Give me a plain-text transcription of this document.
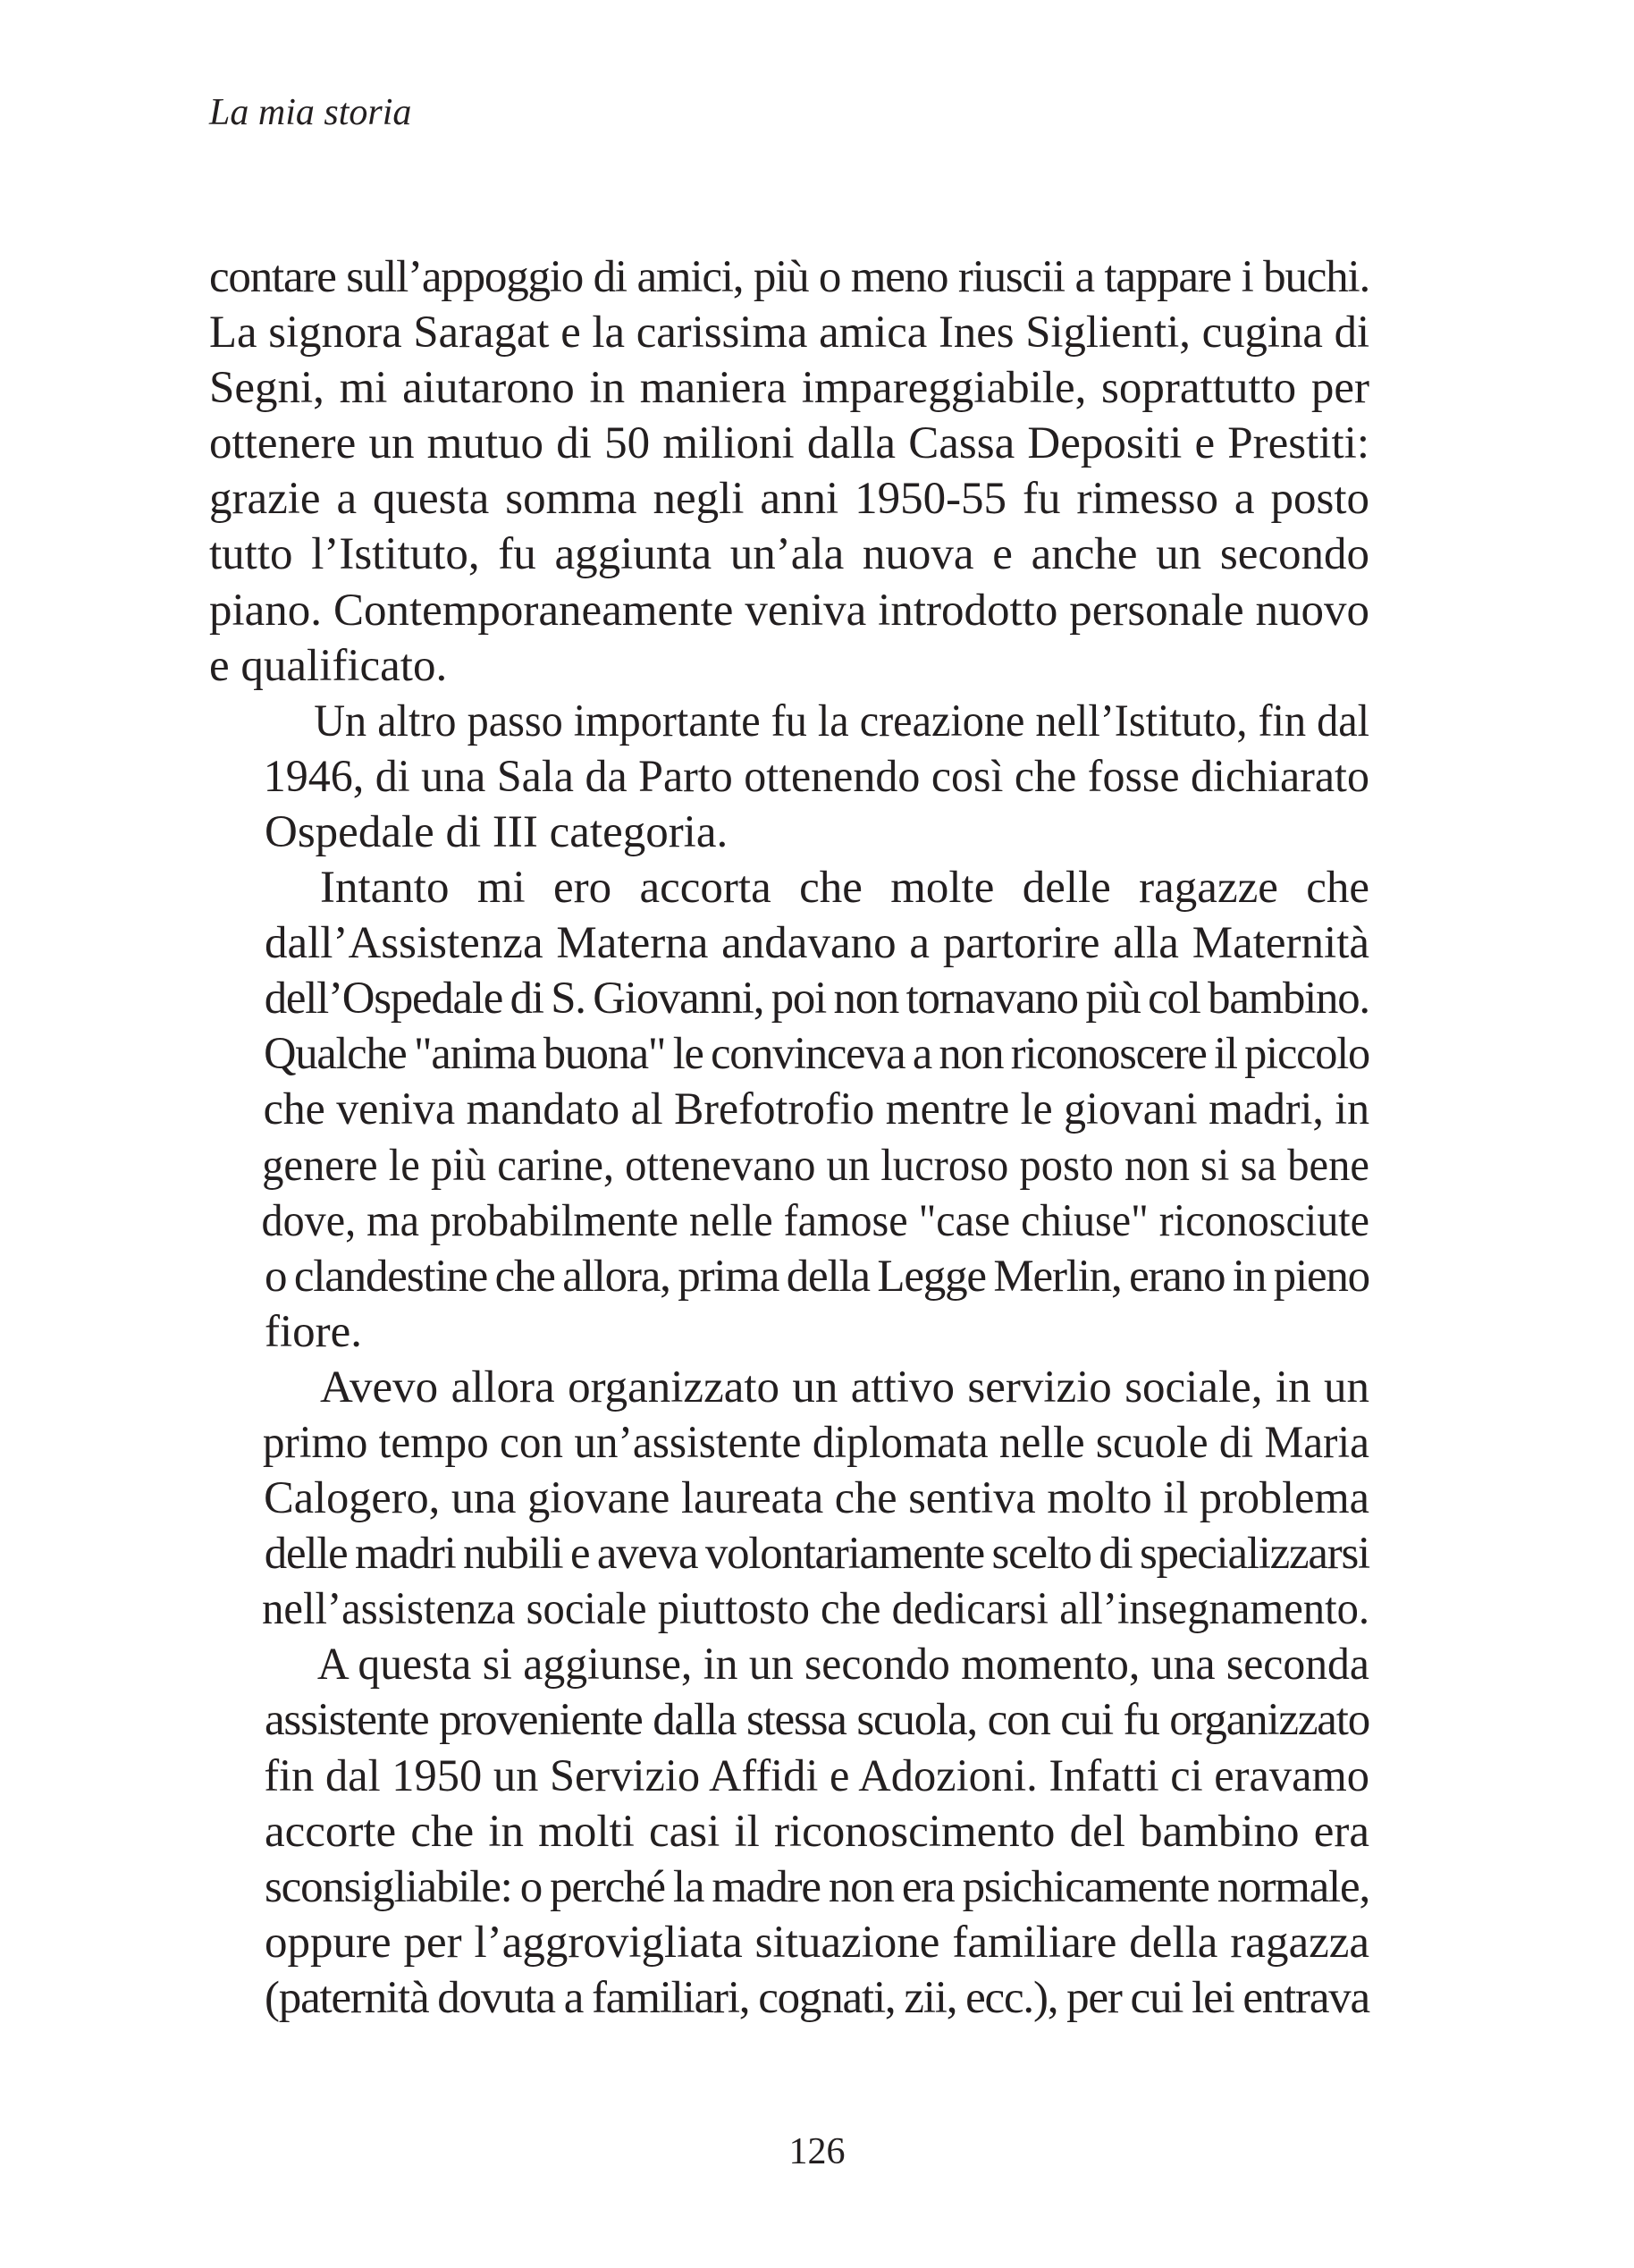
La mia storia

contare sull’appoggio di amici, più o meno riuscii a tappare i buchi.
La signora Saragat e la carissima amica Ines Siglienti, cugina di
Segni, mi aiutarono in maniera impareggiabile, soprattutto per
ottenere un mutuo di 50 milioni dalla Cassa Depositi e Prestiti:
grazie a questa somma negli anni 1950-55 fu rimesso a posto
tutto l’Istituto, fu aggiunta un’ala nuova e anche un secondo
piano. Contemporaneamente veniva introdotto personale nuovo
e qualificato.

Un altro passo importante fu la creazione nell’Istituto, fin dal
1946, di una Sala da Parto ottenendo così che fosse dichiarato
Ospedale di III categoria.

Intanto mi ero accorta che molte delle ragazze che
dall’Assistenza Materna andavano a partorire alla Maternità
dell’Ospedale di S. Giovanni, poi non tornavano più col bambino.
Qualche "anima buona" le convinceva a non riconoscere il piccolo
che veniva mandato al Brefotrofio mentre le giovani madri, in
genere le più carine, ottenevano un lucroso posto non si sa bene
dove, ma probabilmente nelle famose "case chiuse" riconosciute
o clandestine che allora, prima della Legge Merlin, erano in pieno
fiore.

Avevo allora organizzato un attivo servizio sociale, in un
primo tempo con un’assistente diplomata nelle scuole di Maria
Calogero, una giovane laureata che sentiva molto il problema
delle madri nubili e aveva volontariamente scelto di specializzarsi
nell’assistenza sociale piuttosto che dedicarsi all’insegnamento.

A questa si aggiunse, in un secondo momento, una seconda
assistente proveniente dalla stessa scuola, con cui fu organizzato
fin dal 1950 un Servizio Affidi e Adozioni. Infatti ci eravamo
accorte che in molti casi il riconoscimento del bambino era
sconsigliabile: o perché la madre non era psichicamente normale,
oppure per l’aggrovigliata situazione familiare della ragazza
(paternità dovuta a familiari, cognati, zii, ecc.), per cui lei entrava

126
